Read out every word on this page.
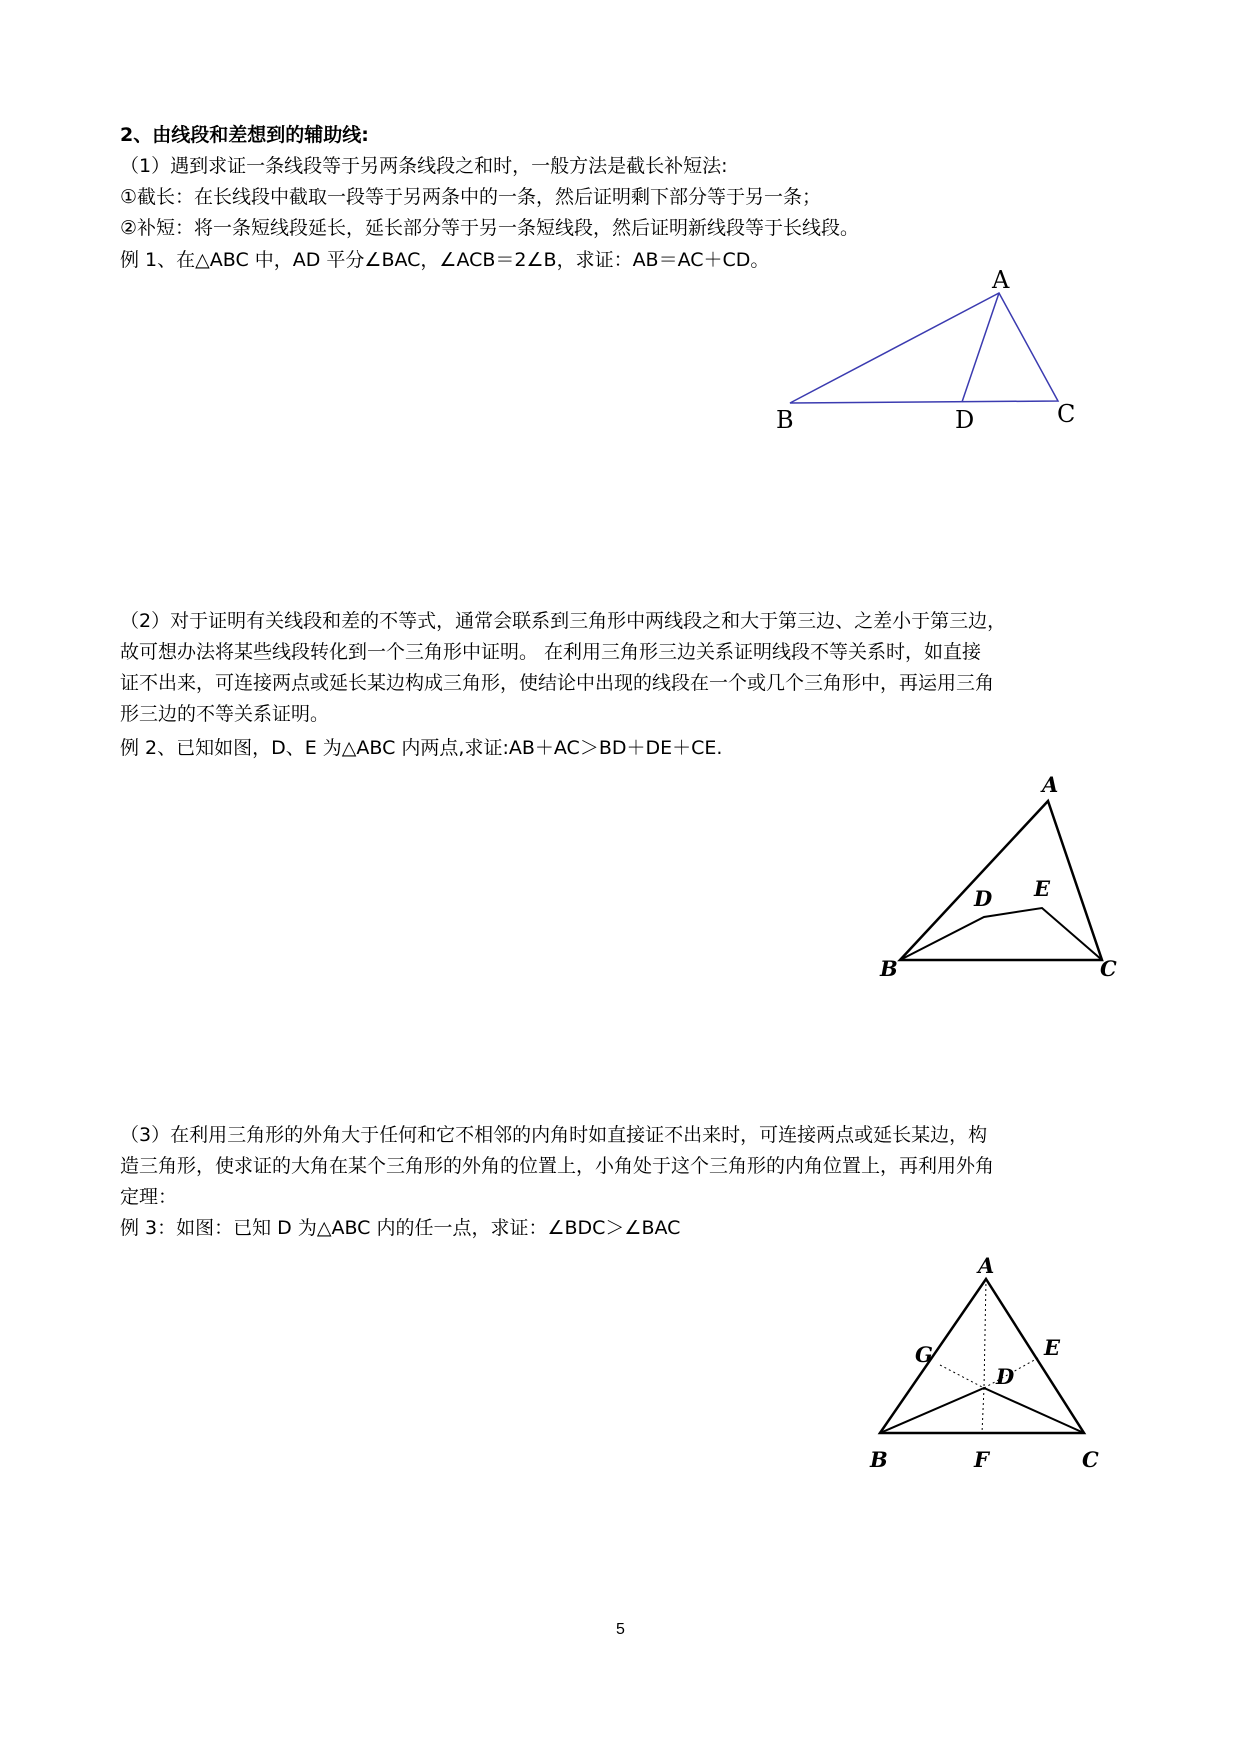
2、由线段和差想到的辅助线:
（1）遇到求证一条线段等于另两条线段之和时，一般方法是截长补短法:
①截长：在长线段中截取一段等于另两条中的一条，然后证明剩下部分等于另一条；
②补短：将一条短线段延长，延长部分等于另一条短线段，然后证明新线段等于长线段。
例 1、在△ABC 中，AD 平分∠BAC，∠ACB＝2∠B，求证：AB＝AC＋CD。
A
B	D	C
（2）对于证明有关线段和差的不等式，通常会联系到三角形中两线段之和大于第三边、之差小于第三边，
故可想办法将某些线段转化到一个三角形中证明。 在利用三角形三边关系证明线段不等关系时，如直接
证不出来，可连接两点或延长某边构成三角形，使结论中出现的线段在一个或几个三角形中，再运用三角
形三边的不等关系证明。
例 2、已知如图，D、E 为△ABC 内两点,求证:AB＋AC＞BD＋DE＋CE.
A
D E
B	C
（3）在利用三角形的外角大于任何和它不相邻的内角时如直接证不出来时，可连接两点或延长某边，构
造三角形，使求证的大角在某个三角形的外角的位置上，小角处于这个三角形的内角位置上，再利用外角
定理：
例 3：如图：已知 D 为△ABC 内的任一点，求证：∠BDC＞∠BAC
A
G	E
D
B	F	C
5
